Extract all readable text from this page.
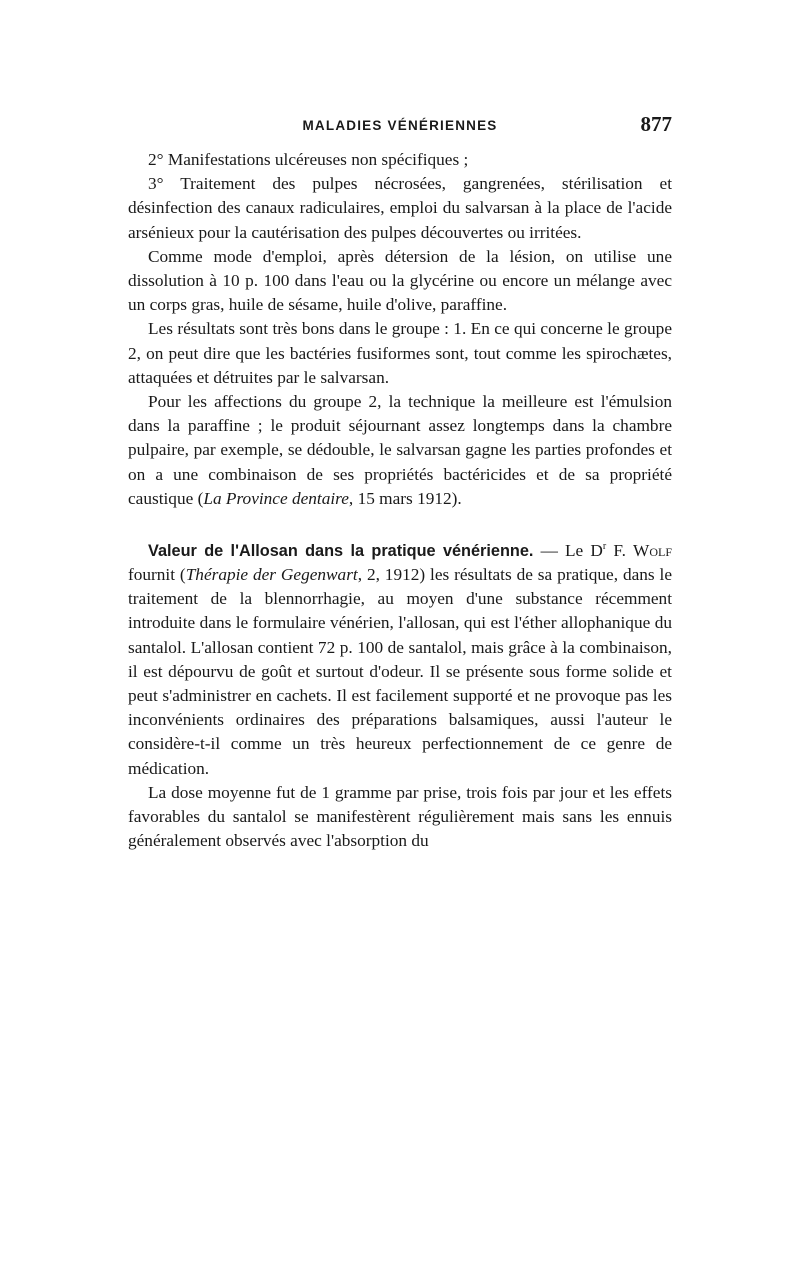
MALADIES VÉNÉRIENNES	877

2° Manifestations ulcéreuses non spécifiques ;

3° Traitement des pulpes nécrosées, gangrenées, stérilisation et désinfection des canaux radiculaires, emploi du salvarsan à la place de l'acide arsénieux pour la cautérisation des pulpes découvertes ou irritées.

Comme mode d'emploi, après détersion de la lésion, on utilise une dissolution à 10 p. 100 dans l'eau ou la glycérine ou encore un mélange avec un corps gras, huile de sésame, huile d'olive, paraffine.

Les résultats sont très bons dans le groupe : 1. En ce qui concerne le groupe 2, on peut dire que les bactéries fusiformes sont, tout comme les spirochætes, attaquées et détruites par le salvarsan.

Pour les affections du groupe 2, la technique la meilleure est l'émulsion dans la paraffine ; le produit séjournant assez longtemps dans la chambre pulpaire, par exemple, se dédouble, le salvarsan gagne les parties profondes et on a une combinaison de ses propriétés bactéricides et de sa propriété caustique (La Province dentaire, 15 mars 1912).

Valeur de l'Allosan dans la pratique vénérienne. — Le $D^r$ F. Wolf fournit (Thérapie der Gegenwart, 2, 1912) les résultats de sa pratique, dans le traitement de la blennorrhagie, au moyen d'une substance récemment introduite dans le formulaire vénérien, l'allosan, qui est l'éther allophanique du santalol. L'allosan contient 72 p. 100 de santalol, mais grâce à la combinaison, il est dépourvu de goût et surtout d'odeur. Il se présente sous forme solide et peut s'administrer en cachets. Il est facilement supporté et ne provoque pas les inconvénients ordinaires des préparations balsamiques, aussi l'auteur le considère-t-il comme un très heureux perfectionnement de ce genre de médication.

La dose moyenne fut de 1 gramme par prise, trois fois par jour et les effets favorables du santalol se manifestèrent régulièrement mais sans les ennuis généralement observés avec l'absorption du
